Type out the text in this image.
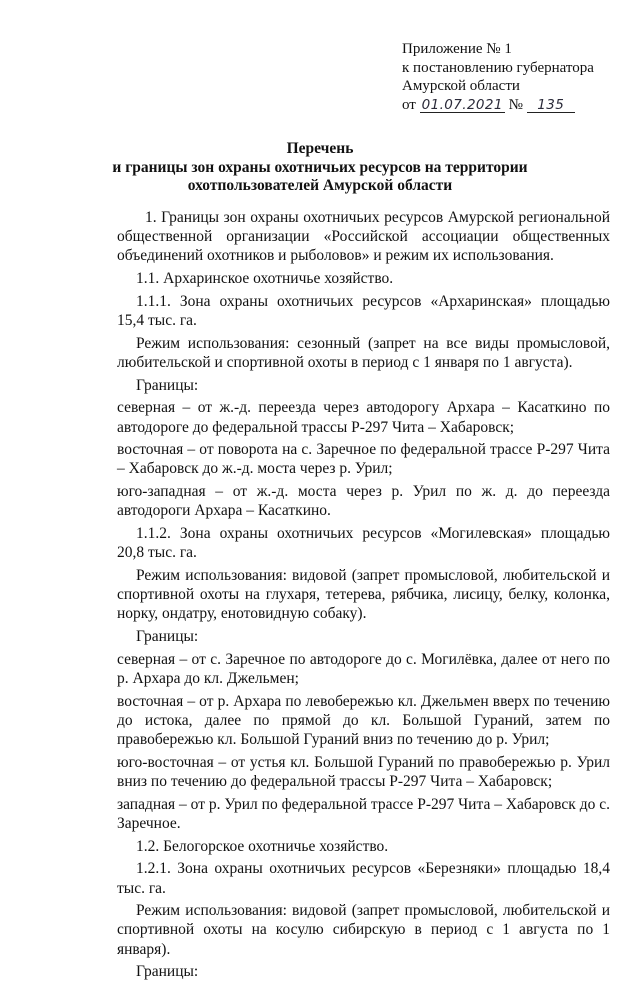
Приложение № 1
к постановлению губернатора
Амурской области
от 01.07.2021 № 135
Перечень
и границы зон охраны охотничьих ресурсов на территории
охотпользователей Амурской области

1. Границы зон охраны охотничьих ресурсов Амурской региональной общественной организации «Российской ассоциации общественных объединений охотников и рыболовов» и режим их использования.

1.1. Архаринское охотничье хозяйство.

1.1.1. Зона охраны охотничьих ресурсов «Архаринская» площадью 15,4 тыс. га.

Режим использования: сезонный (запрет на все виды промысловой, любительской и спортивной охоты в период с 1 января по 1 августа).

Границы:

северная – от ж.-д. переезда через автодорогу Архара – Касаткино по автодороге до федеральной трассы Р-297 Чита – Хабаровск;

восточная – от поворота на с. Заречное по федеральной трассе Р-297 Чита – Хабаровск до ж.-д. моста через р. Урил;

юго-западная – от ж.-д. моста через р. Урил по ж. д. до переезда автодороги Архара – Касаткино.

1.1.2. Зона охраны охотничьих ресурсов «Могилевская» площадью 20,8 тыс. га.

Режим использования: видовой (запрет промысловой, любительской и спортивной охоты на глухаря, тетерева, рябчика, лисицу, белку, колонка, норку, ондатру, енотовидную собаку).

Границы:

северная – от с. Заречное по автодороге до с. Могилёвка, далее от него по р. Архара до кл. Джельмен;

восточная – от р. Архара по левобережью кл. Джельмен вверх по течению до истока, далее по прямой до кл. Большой Гураний, затем по правобережью кл. Большой Гураний вниз по течению до р. Урил;

юго-восточная – от устья кл. Большой Гураний по правобережью р. Урил вниз по течению до федеральной трассы Р-297 Чита – Хабаровск;

западная – от р. Урил по федеральной трассе Р-297 Чита – Хабаровск до с. Заречное.

1.2. Белогорское охотничье хозяйство.

1.2.1. Зона охраны охотничьих ресурсов «Березняки» площадью 18,4 тыс. га.

Режим использования: видовой (запрет промысловой, любительской и спортивной охоты на косулю сибирскую в период с 1 августа по 1 января).

Границы:
